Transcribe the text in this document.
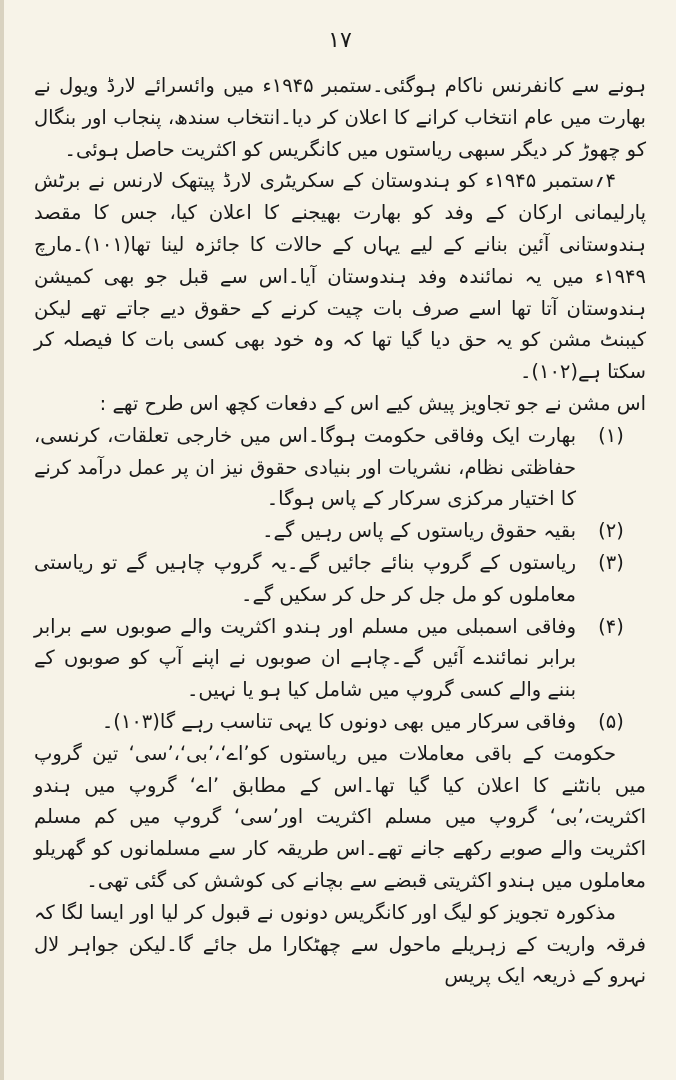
۱۷

ہونے سے کانفرنس ناکام ہوگئی۔ستمبر ۱۹۴۵ء میں وائسرائے لارڈ ویول نے بھارت میں عام انتخاب کرانے کا اعلان کر دیا۔انتخاب سندھ، پنجاب اور بنگال کو چھوڑ کر دیگر سبھی ریاستوں میں کانگریس کو اکثریت حاصل ہوئی۔

۴؍ستمبر ۱۹۴۵ء کو ہندوستان کے سکریٹری لارڈ پیتھک لارنس نے برٹش پارلیمانی ارکان کے وفد کو بھارت بھیجنے کا اعلان کیا، جس کا مقصد ہندوستانی آئین بنانے کے لیے یہاں کے حالات کا جائزہ لینا تھا(۱۰۱)۔مارچ ۱۹۴۹ء میں یہ نمائندہ وفد ہندوستان آیا۔اس سے قبل جو بھی کمیشن ہندوستان آتا تھا اسے صرف بات چیت کرنے کے حقوق دیے جاتے تھے لیکن کیبنٹ مشن کو یہ حق دیا گیا تھا کہ وہ خود بھی کسی بات کا فیصلہ کر سکتا ہے(۱۰۲)۔

اس مشن نے جو تجاویز پیش کیے اس کے دفعات کچھ اس طرح تھے :

(۱)
بھارت ایک وفاقی حکومت ہوگا۔اس میں خارجی تعلقات، کرنسی، حفاظتی نظام، نشریات اور بنیادی حقوق نیز ان پر عمل درآمد کرنے کا اختیار مرکزی سرکار کے پاس ہوگا۔
(۲)
بقیہ حقوق ریاستوں کے پاس رہیں گے۔
(۳)
ریاستوں کے گروپ بنائے جائیں گے۔یہ گروپ چاہیں گے تو ریاستی معاملوں کو مل جل کر حل کر سکیں گے۔
(۴)
وفاقی اسمبلی میں مسلم اور ہندو اکثریت والے صوبوں سے برابر برابر نمائندے آئیں گے۔چاہے ان صوبوں نے اپنے آپ کو صوبوں کے بننے والے کسی گروپ میں شامل کیا ہو یا نہیں۔
(۵)
وفاقی سرکار میں بھی دونوں کا یہی تناسب رہے گا(۱۰۳)۔

حکومت کے باقی معاملات میں ریاستوں کو’اے‘،’بی‘،’سی‘ تین گروپ میں بانٹنے کا اعلان کیا گیا تھا۔اس کے مطابق ’اے‘ گروپ میں ہندو اکثریت،’بی‘ گروپ میں مسلم اکثریت اور’سی‘ گروپ میں کم مسلم اکثریت والے صوبے رکھے جانے تھے۔اس طریقہ کار سے مسلمانوں کو گھریلو معاملوں میں ہندو اکثریتی قبضے سے بچانے کی کوشش کی گئی تھی۔

مذکورہ تجویز کو لیگ اور کانگریس دونوں نے قبول کر لیا اور ایسا لگا کہ فرقہ واریت کے زہریلے ماحول سے چھٹکارا مل جائے گا۔لیکن جواہر لال نہرو کے ذریعہ ایک پریس
